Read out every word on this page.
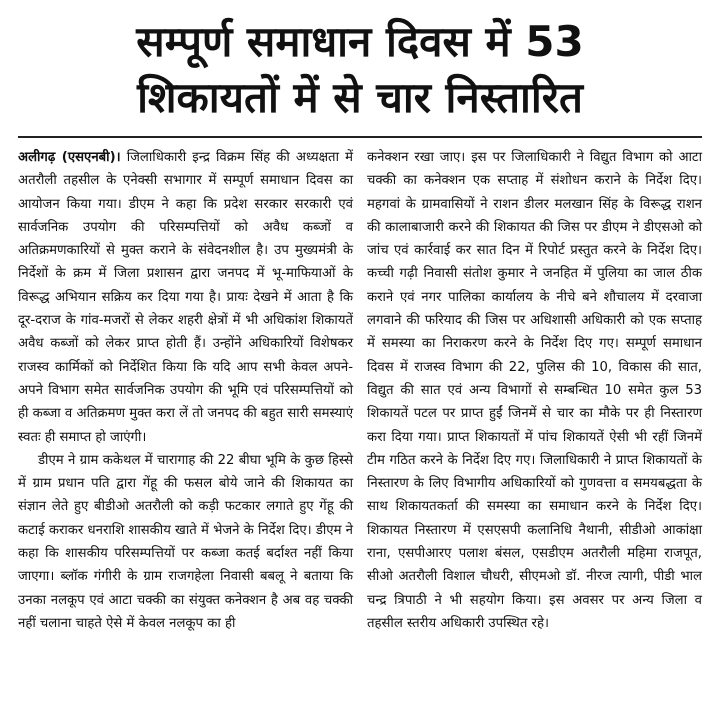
सम्पूर्ण समाधान दिवस में 53
शिकायतों में से चार निस्तारित

अलीगढ़ (एसएनबी)। जिलाधिकारी इन्द्र विक्रम सिंह की अध्यक्षता में अतरौली तहसील के एनेक्सी सभागार में सम्पूर्ण समाधान दिवस का आयोजन किया गया। डीएम ने कहा कि प्रदेश सरकार सरकारी एवं सार्वजनिक उपयोग की परिसम्पत्तियों को अवैध कब्जों व अतिक्रमणकारियों से मुक्त कराने के संवेदनशील है। उप मुख्यमंत्री के निर्देशों के क्रम में जिला प्रशासन द्वारा जनपद में भू-माफियाओं के विरूद्ध अभियान सक्रिय कर दिया गया है। प्रायः देखने में आता है कि दूर-दराज के गांव-मजरों से लेकर शहरी क्षेत्रों में भी अधिकांश शिकायतें अवैध कब्जों को लेकर प्राप्त होती हैं। उन्होंने अधिकारियों विशेषकर राजस्व कार्मिकों को निर्देशित किया कि यदि आप सभी केवल अपने-अपने विभाग समेत सार्वजनिक उपयोग की भूमि एवं परिसम्पत्तियों को ही कब्जा व अतिक्रमण मुक्त करा लें तो जनपद की बहुत सारी समस्याएं स्वतः ही समाप्त हो जाएंगी।

डीएम ने ग्राम ककेथल में चारागाह की 22 बीघा भूमि के कुछ हिस्से में ग्राम प्रधान पति द्वारा गेंहू की फसल बोये जाने की शिकायत का संज्ञान लेते हुए बीडीओ अतरौली को कड़ी फटकार लगाते हुए गेंहू की कटाई कराकर धनराशि शासकीय खाते में भेजने के निर्देश दिए। डीएम ने कहा कि शासकीय परिसम्पत्तियों पर कब्जा कतई बर्दाश्त नहीं किया जाएगा। ब्लॉक गंगीरी के ग्राम राजगहेला निवासी बबलू ने बताया कि उनका नलकूप एवं आटा चक्की का संयुक्त कनेक्शन है अब वह चक्की नहीं चलाना चाहते ऐसे में केवल नलकूप का ही

कनेक्शन रखा जाए। इस पर जिलाधिकारी ने विद्युत विभाग को आटा चक्की का कनेक्शन एक सप्ताह में संशोधन कराने के निर्देश दिए। महगवां के ग्रामवासियों ने राशन डीलर मलखान सिंह के विरूद्ध राशन की कालाबाजारी करने की शिकायत की जिस पर डीएम ने डीएसओ को जांच एवं कार्रवाई कर सात दिन में रिपोर्ट प्रस्तुत करने के निर्देश दिए। कच्ची गढ़ी निवासी संतोश कुमार ने जनहित में पुलिया का जाल ठीक कराने एवं नगर पालिका कार्यालय के नीचे बने शौचालय में दरवाजा लगवाने की फरियाद की जिस पर अधिशासी अधिकारी को एक सप्ताह में समस्या का निराकरण करने के निर्देश दिए गए। सम्पूर्ण समाधान दिवस में राजस्व विभाग की 22, पुलिस की 10, विकास की सात, विद्युत की सात एवं अन्य विभागों से सम्बन्धित 10 समेत कुल 53 शिकायतें पटल पर प्राप्त हुईं जिनमें से चार का मौके पर ही निस्तारण करा दिया गया। प्राप्त शिकायतों में पांच शिकायतें ऐसी भी रहीं जिनमें टीम गठित करने के निर्देश दिए गए। जिलाधिकारी ने प्राप्त शिकायतों के निस्तारण के लिए विभागीय अधिकारियों को गुणवत्ता व समयबद्धता के साथ शिकायतकर्ता की समस्या का समाधान करने के निर्देश दिए। शिकायत निस्तारण में एसएसपी कलानिधि नैथानी, सीडीओ आकांक्षा राना, एसपीआरए पलाश बंसल, एसडीएम अतरौली महिमा राजपूत, सीओ अतरौली विशाल चौधरी, सीएमओ डॉ. नीरज त्यागी, पीडी भाल चन्द्र त्रिपाठी ने भी सहयोग किया। इस अवसर पर अन्य जिला व तहसील स्तरीय अधिकारी उपस्थित रहे।
